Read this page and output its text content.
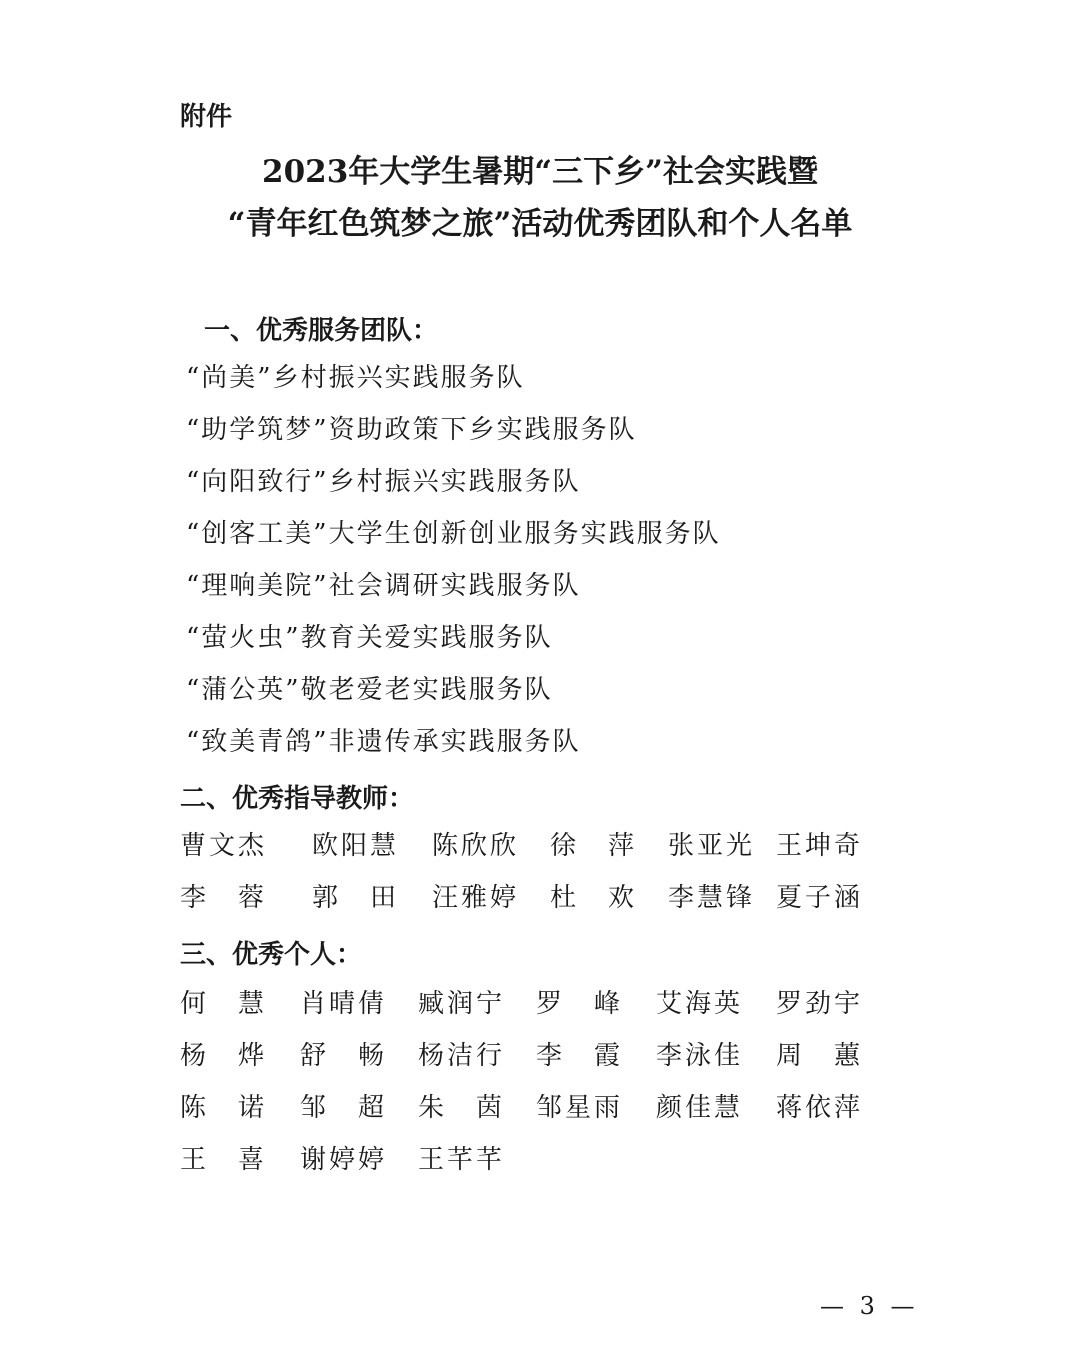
附件
2023年大学生暑期“三下乡”社会实践暨
“青年红色筑梦之旅”活动优秀团队和个人名单
一、优秀服务团队：
“尚美”乡村振兴实践服务队
“助学筑梦”资助政策下乡实践服务队
“向阳致行”乡村振兴实践服务队
“创客工美”大学生创新创业服务实践服务队
“理响美院”社会调研实践服务队
“萤火虫”教育关爱实践服务队
“蒲公英”敬老爱老实践服务队
“致美青鸽”非遗传承实践服务队
二、优秀指导教师：
曹 文 杰 欧 阳 慧 陈 欣 欣 徐 萍 张 亚 光 王 坤 奇
李 蓉 郭 田 汪 雅 婷 杜 欢 李 慧 锋 夏 子 涵
三、优秀个人：
何 慧 肖 晴 倩 臧 润 宁 罗 峰 艾 海 英 罗 劲 宇
杨 烨 舒 畅 杨 洁 行 李 霞 李 泳 佳 周 蕙
陈 诺 邹 超 朱 茵 邹 星 雨 颜 佳 慧 蒋 依 萍
王 喜 谢 婷 婷 王 芊 芊
— 3 —
